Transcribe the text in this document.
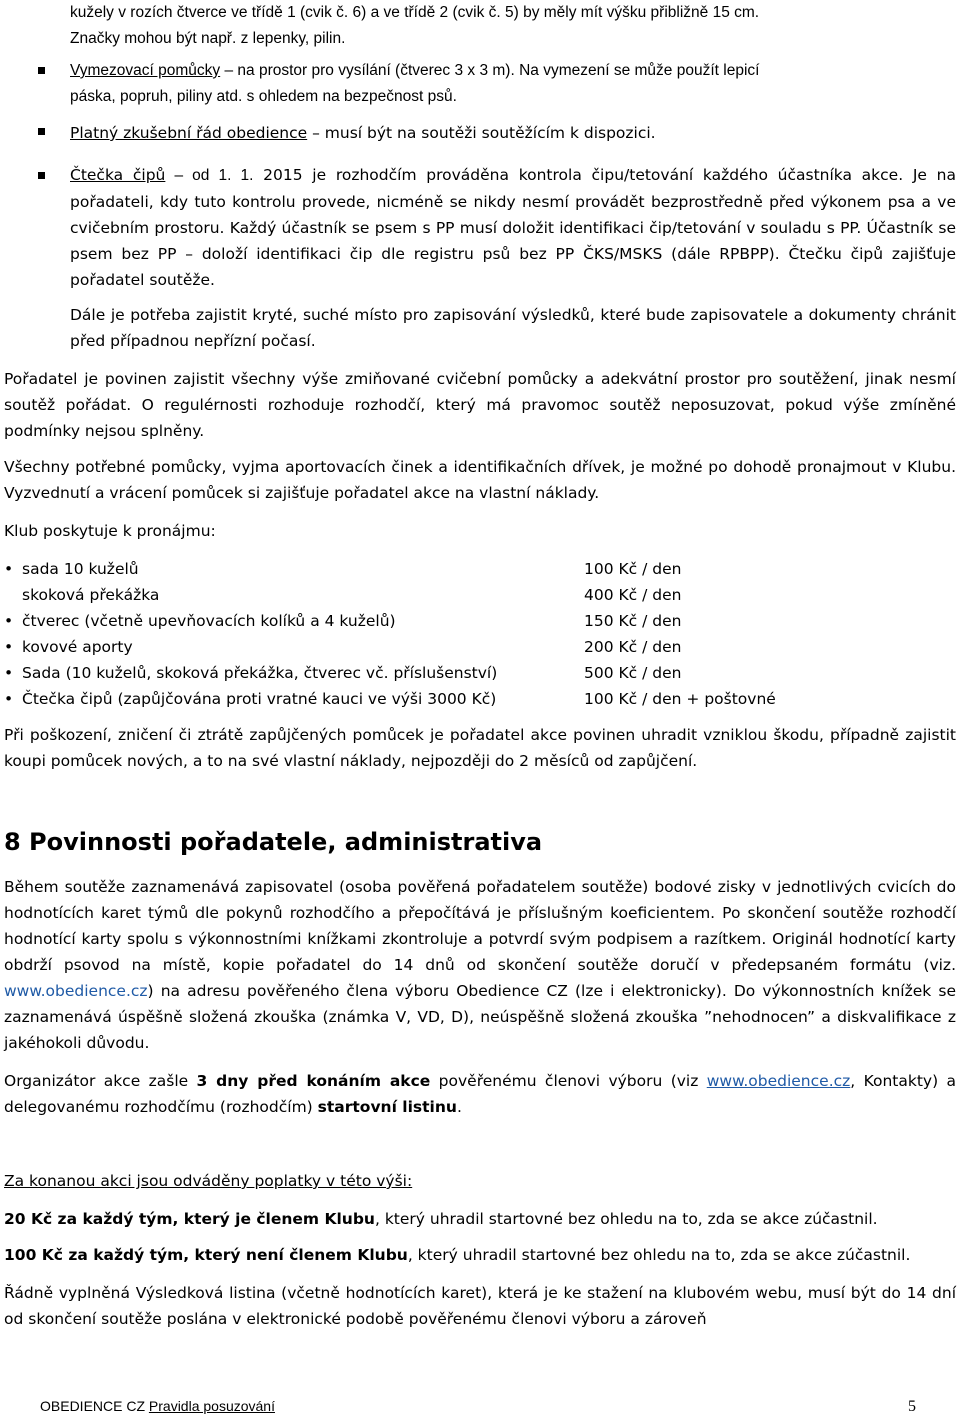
kužely v rozích čtverce ve třídě 1 (cvik č. 6) a ve třídě 2 (cvik č. 5) by měly mít výšku přibližně 15 cm.
Značky mohou být např. z lepenky, pilin.

Vymezovací pomůcky – na prostor pro vysílání (čtverec 3 x 3 m). Na vymezení se může použít lepicí
páska, popruh, piliny atd. s ohledem na bezpečnost psů.

Platný zkušební řád obedience – musí být na soutěži soutěžícím k dispozici.

Čtečka čipů – od 1. 1. 2015 je rozhodčím prováděna kontrola čipu/tetování každého účastníka akce. Je na pořadateli, kdy tuto kontrolu provede, nicméně se nikdy nesmí provádět bezprostředně před výkonem psa a ve cvičebním prostoru. Každý účastník se psem s PP musí doložit identifikaci čip/tetování v souladu s PP. Účastník se psem bez PP – doloží identifikaci čip dle registru psů bez PP ČKS/MSKS (dále RPBPP). Čtečku čipů zajišťuje pořadatel soutěže.

Dále je potřeba zajistit kryté, suché místo pro zapisování výsledků, které bude zapisovatele a dokumenty chránit před případnou nepřízní počasí.

Pořadatel je povinen zajistit všechny výše zmiňované cvičební pomůcky a adekvátní prostor pro soutěžení, jinak nesmí soutěž pořádat. O regulérnosti rozhoduje rozhodčí, který má pravomoc soutěž neposuzovat, pokud výše zmíněné podmínky nejsou splněny.

Všechny potřebné pomůcky, vyjma aportovacích činek a identifikačních dřívek, je možné po dohodě pronajmout v Klubu. Vyzvednutí a vrácení pomůcek si zajišťuje pořadatel akce na vlastní náklady.

Klub poskytuje k pronájmu:

• sada 10 kuželů	100 Kč / den
skoková překážka	400 Kč / den
• čtverec (včetně upevňovacích kolíků a 4 kuželů)	150 Kč / den
• kovové aporty	200 Kč / den
• Sada (10 kuželů, skoková překážka, čtverec vč. příslušenství)	500 Kč / den
• Čtečka čipů (zapůjčována proti vratné kauci ve výši 3000 Kč)	100 Kč / den + poštovné

Při poškození, zničení či ztrátě zapůjčených pomůcek je pořadatel akce povinen uhradit vzniklou škodu, případně zajistit koupi pomůcek nových, a to na své vlastní náklady, nejpozději do 2 měsíců od zapůjčení.

8 Povinnosti pořadatele, administrativa

Během soutěže zaznamenává zapisovatel (osoba pověřená pořadatelem soutěže) bodové zisky v jednotlivých cvicích do hodnotících karet týmů dle pokynů rozhodčího a přepočítává je příslušným koeficientem. Po skončení soutěže rozhodčí hodnotící karty spolu s výkonnostními knížkami zkontroluje a potvrdí svým podpisem a razítkem. Originál hodnotící karty obdrží psovod na místě, kopie pořadatel do 14 dnů od skončení soutěže doručí v předepsaném formátu (viz. www.obedience.cz) na adresu pověřeného člena výboru Obedience CZ (lze i elektronicky). Do výkonnostních knížek se zaznamenává úspěšně složená zkouška (známka V, VD, D), neúspěšně složená zkouška ”nehodnocen” a diskvalifikace z jakéhokoli důvodu.

Organizátor akce zašle 3 dny před konáním akce pověřenému členovi výboru (viz www.obedience.cz, Kontakty) a delegovanému rozhodčímu (rozhodčím) startovní listinu.

Za konanou akci jsou odváděny poplatky v této výši:

20 Kč za každý tým, který je členem Klubu, který uhradil startovné bez ohledu na to, zda se akce zúčastnil.

100 Kč za každý tým, který není členem Klubu, který uhradil startovné bez ohledu na to, zda se akce zúčastnil.

Řádně vyplněná Výsledková listina (včetně hodnotících karet), která je ke stažení na klubovém webu, musí být do 14 dní od skončení soutěže poslána v elektronické podobě pověřenému členovi výboru a zároveň

OBEDIENCE CZ Pravidla posuzování	5
